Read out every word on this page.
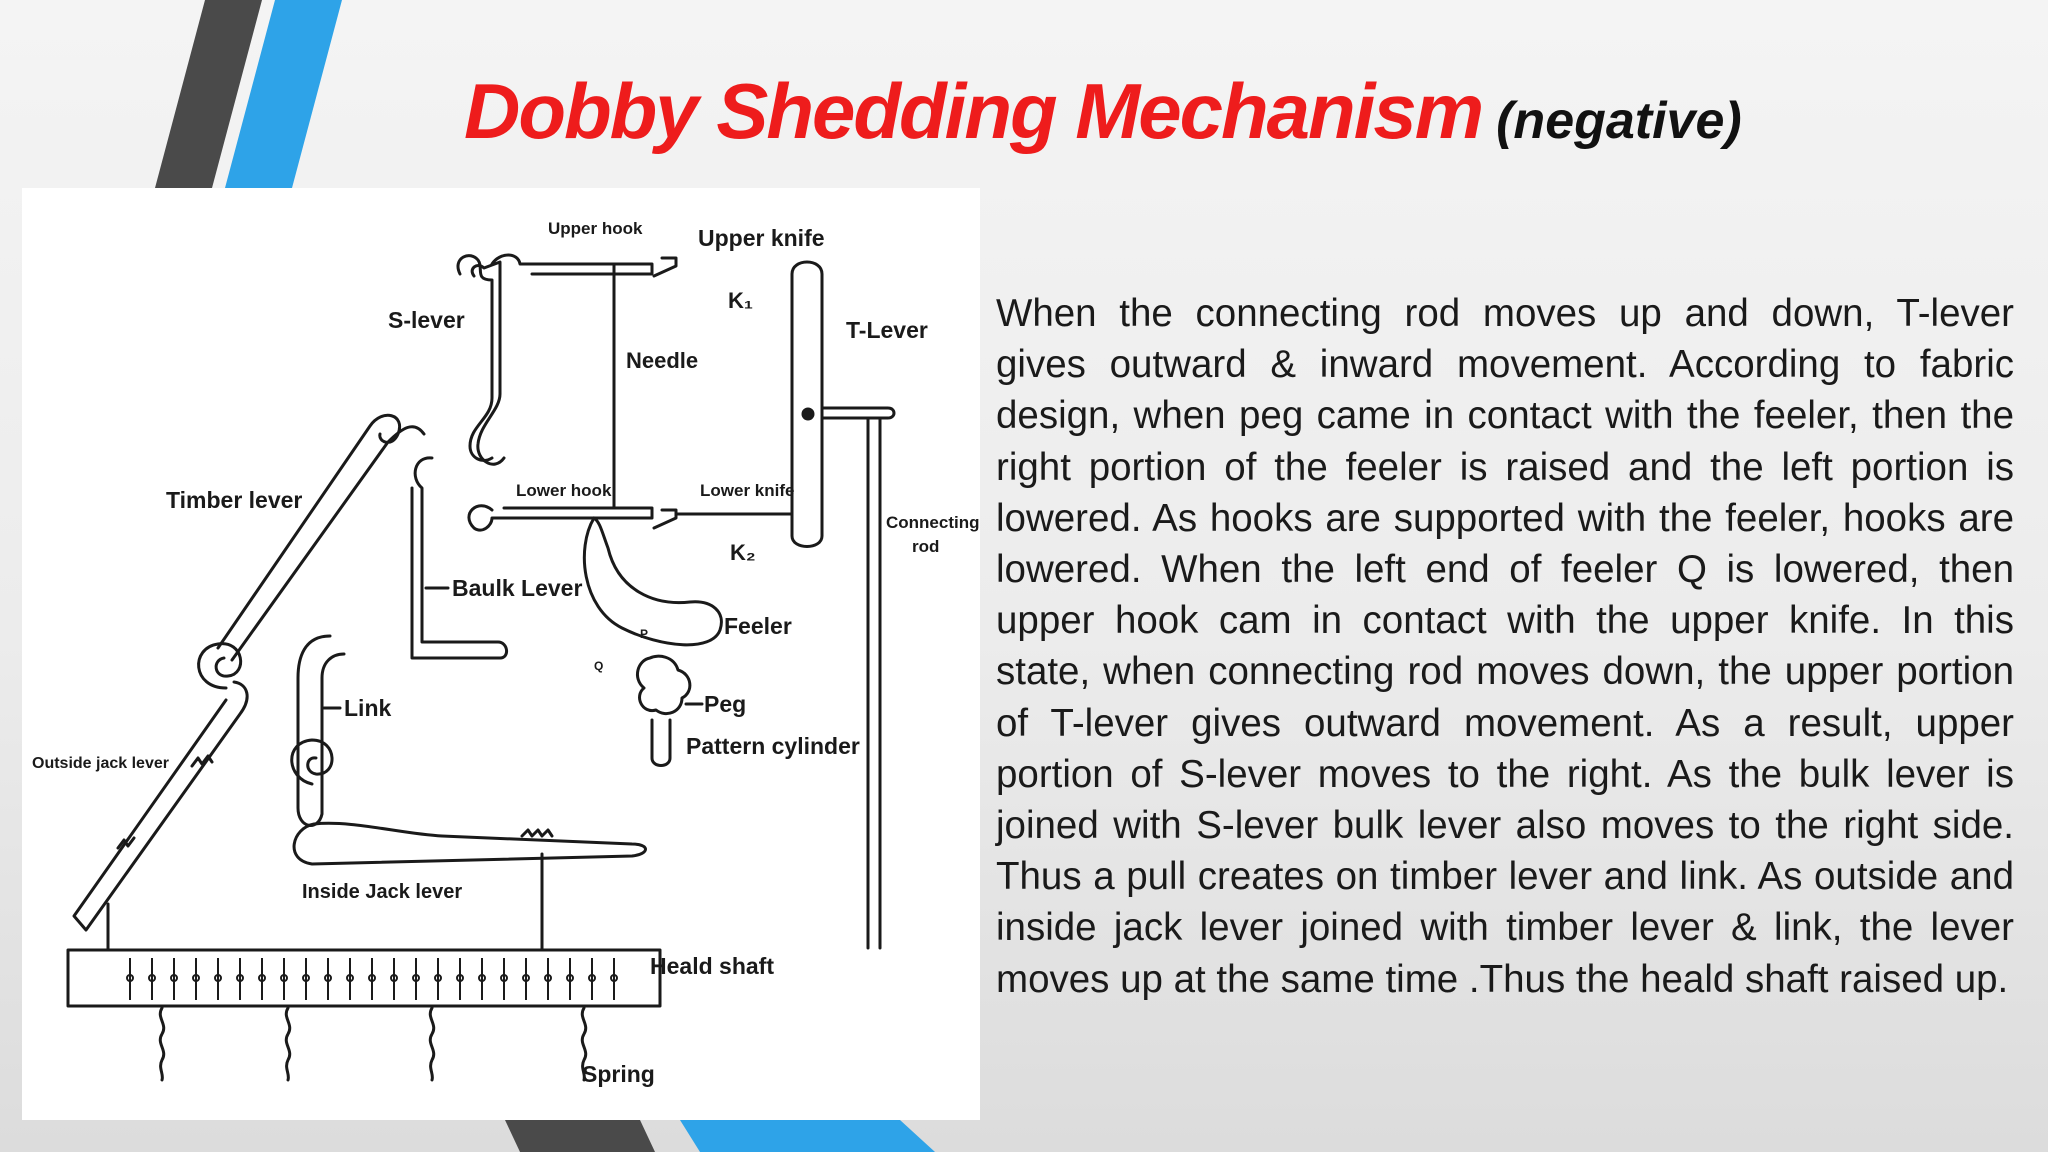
Dobby Shedding Mechanism (negative)
Upper hook Upper knife
K₁
S-lever
Needle
T-Lever
Timber lever	Lower hook	Lower knife
Connecting
rod
K₂
Baulk Lever
Feeler
P
Q
Link	Peg
Pattern cylinder
Outside jack lever
Inside Jack lever
Heald shaft
Spring

When the connecting rod moves up and down, T-lever gives outward & inward movement. According to fabric design, when peg came in contact with the feeler, then the right portion of the feeler is raised and the left portion is lowered. As hooks are supported with the feeler, hooks are lowered. When the left end of feeler Q is lowered, then upper hook cam in contact with the upper knife. In this state, when connecting rod moves down, the upper portion of T-lever gives outward movement. As a result, upper portion of S-lever moves to the right. As the bulk lever is joined with S-lever bulk lever also moves to the right side. Thus a pull creates on timber lever and link. As outside and inside jack lever joined with timber lever & link, the lever moves up at the same time .Thus the heald shaft raised up.
